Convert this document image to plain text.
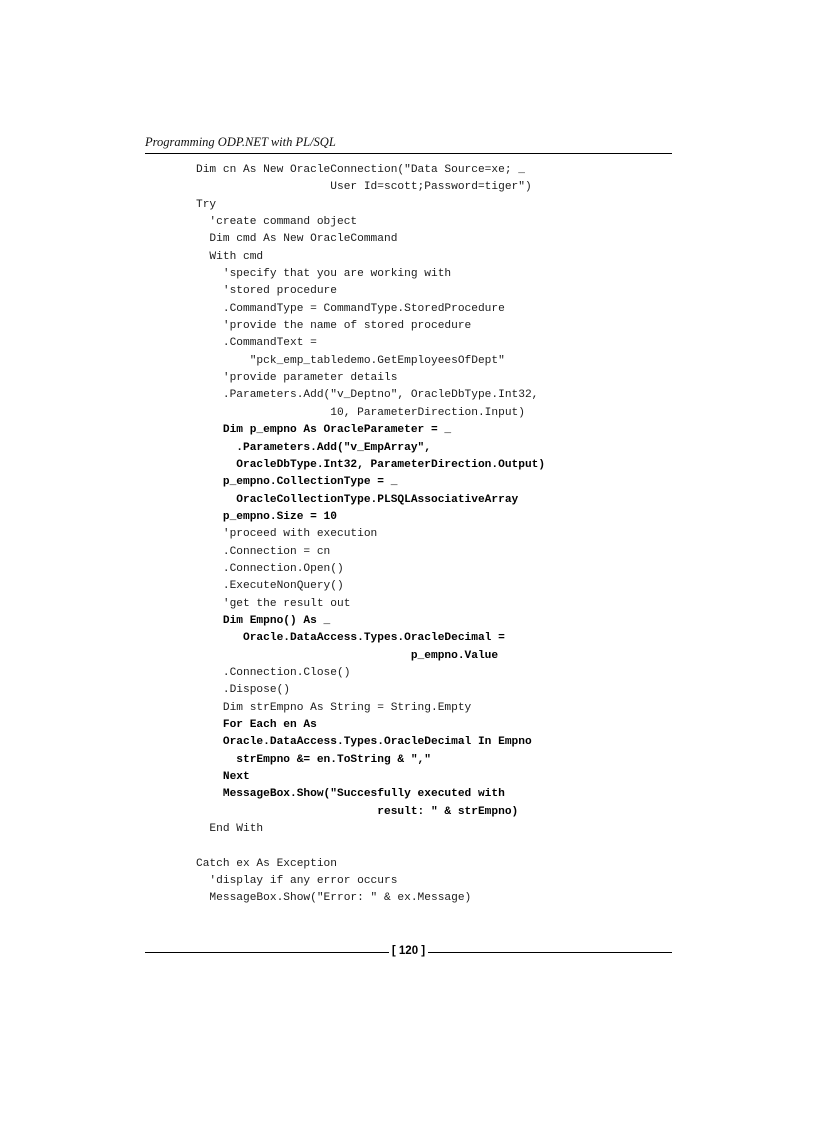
Programming ODP.NET with PL/SQL
Dim cn As New OracleConnection("Data Source=xe; _
User Id=scott;Password=tiger")
Try
'create command object
Dim cmd As New OracleCommand
With cmd
'specify that you are working with
'stored procedure
.CommandType = CommandType.StoredProcedure
'provide the name of stored procedure
.CommandText =
"pck_emp_tabledemo.GetEmployeesOfDept"
'provide parameter details
.Parameters.Add("v_Deptno", OracleDbType.Int32,
10, ParameterDirection.Input)
Dim p_empno As OracleParameter = _
.Parameters.Add("v_EmpArray",
OracleDbType.Int32, ParameterDirection.Output)
p_empno.CollectionType = _
OracleCollectionType.PLSQLAssociativeArray
p_empno.Size = 10
'proceed with execution
.Connection = cn
.Connection.Open()
.ExecuteNonQuery()
'get the result out
Dim Empno() As _
Oracle.DataAccess.Types.OracleDecimal =
p_empno.Value
.Connection.Close()
.Dispose()
Dim strEmpno As String = String.Empty
For Each en As
Oracle.DataAccess.Types.OracleDecimal In Empno
strEmpno &= en.ToString & ","
Next
MessageBox.Show("Succesfully executed with
result: " & strEmpno)
End With
Catch ex As Exception
'display if any error occurs
MessageBox.Show("Error: " & ex.Message)
[ 120 ]
